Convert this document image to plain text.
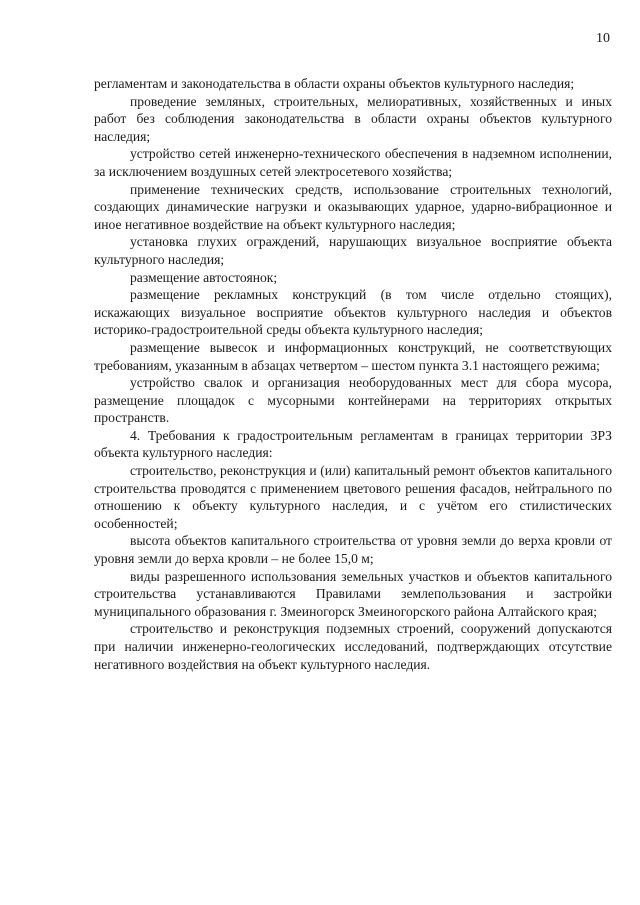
10

регламентам и законодательства в области охраны объектов культурного наследия;

проведение земляных, строительных, мелиоративных, хозяйственных и иных работ без соблюдения законодательства в области охраны объектов культурного наследия;

устройство сетей инженерно-технического обеспечения в надземном исполнении, за исключением воздушных сетей электросетевого хозяйства;

применение технических средств, использование строительных технологий, создающих динамические нагрузки и оказывающих ударное, ударно-вибрационное и иное негативное воздействие на объект культурного наследия;

установка глухих ограждений, нарушающих визуальное восприятие объекта культурного наследия;

размещение автостоянок;

размещение рекламных конструкций (в том числе отдельно стоящих), искажающих визуальное восприятие объектов культурного наследия и объектов историко-градостроительной среды объекта культурного наследия;

размещение вывесок и информационных конструкций, не соответствующих требованиям, указанным в абзацах четвертом – шестом пункта 3.1 настоящего режима;

устройство свалок и организация необорудованных мест для сбора мусора, размещение площадок с мусорными контейнерами на территориях открытых пространств.

4. Требования к градостроительным регламентам в границах территории ЗРЗ объекта культурного наследия:

строительство, реконструкция и (или) капитальный ремонт объектов капитального строительства проводятся с применением цветового решения фасадов, нейтрального по отношению к объекту культурного наследия, и с учётом его стилистических особенностей;

высота объектов капитального строительства от уровня земли до верха кровли от уровня земли до верха кровли – не более 15,0 м;

виды разрешенного использования земельных участков и объектов капитального строительства устанавливаются Правилами землепользования и застройки муниципального образования г. Змеиногорск Змеиногорского района Алтайского края;

строительство и реконструкция подземных строений, сооружений допускаются при наличии инженерно-геологических исследований, подтверждающих отсутствие негативного воздействия на объект культурного наследия.
